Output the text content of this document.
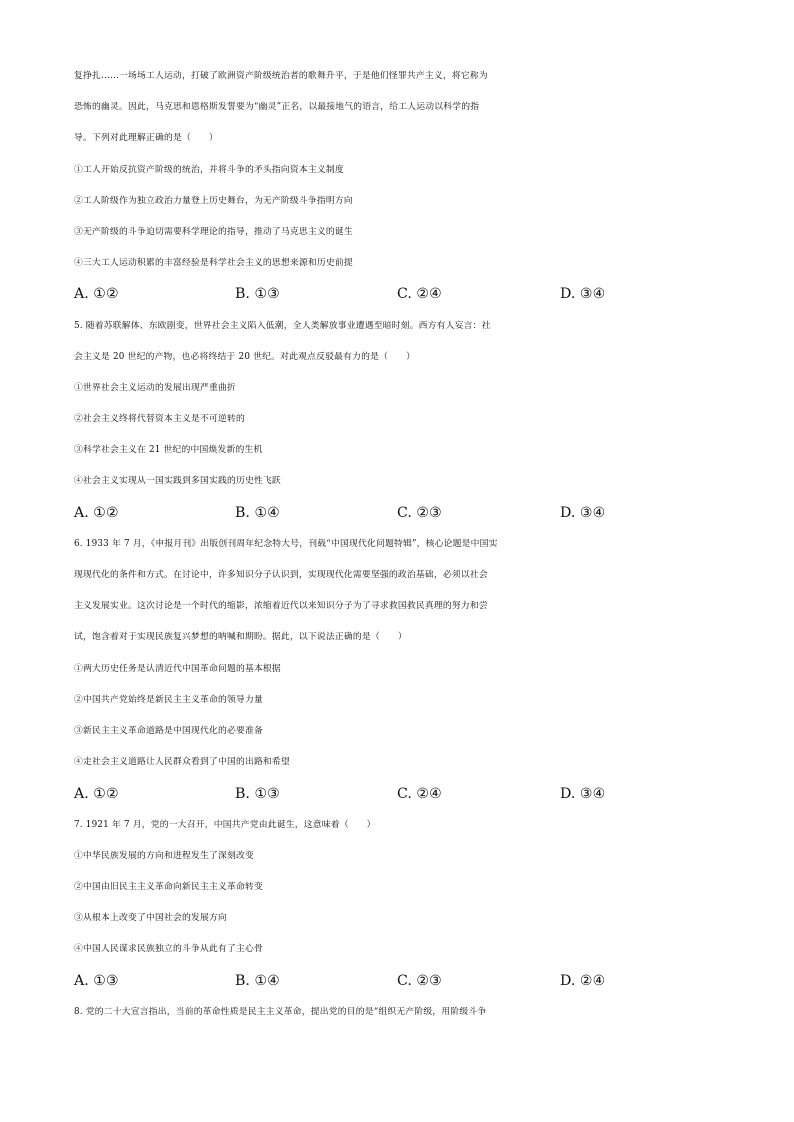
复挣扎……一场场工人运动，打破了欧洲资产阶级统治者的歌舞升平，于是他们怪罪共产主义，将它称为
恐怖的幽灵。因此，马克思和恩格斯发誓要为“幽灵”正名，以最接地气的语言，给工人运动以科学的指
导。下列对此理解正确的是（　　）
①工人开始反抗资产阶级的统治，并将斗争的矛头指向资本主义制度
②工人阶级作为独立政治力量登上历史舞台，为无产阶级斗争指明方向
③无产阶级的斗争迫切需要科学理论的指导，推动了马克思主义的诞生
④三大工人运动积累的丰富经验是科学社会主义的思想来源和历史前提
A. ①②	B. ①③	C. ②④	D. ③④
5. 随着苏联解体、东欧剧变，世界社会主义陷入低潮，全人类解放事业遭遇至暗时刻。西方有人妄言：社
会主义是 20 世纪的产物，也必将终结于 20 世纪。对此观点反驳最有力的是（　　）
①世界社会主义运动的发展出现严重曲折
②社会主义终将代替资本主义是不可逆转的
③科学社会主义在 21 世纪的中国焕发新的生机
④社会主义实现从一国实践到多国实践的历史性飞跃
A. ①②	B. ①④	C. ②③	D. ③④
6. 1933 年 7 月，《申报月刊》出版创刊周年纪念特大号，刊载“中国现代化问题特辑”，核心论题是中国实
现现代化的条件和方式。在讨论中，许多知识分子认识到，实现现代化需要坚强的政治基础，必须以社会
主义发展实业。这次讨论是一个时代的缩影，浓缩着近代以来知识分子为了寻求救国救民真理的努力和尝
试，饱含着对于实现民族复兴梦想的呐喊和期盼。据此，以下说法正确的是（　　）
①两大历史任务是认清近代中国革命问题的基本根据
②中国共产党始终是新民主主义革命的领导力量
③新民主主义革命道路是中国现代化的必要准备
④走社会主义道路让人民群众看到了中国的出路和希望
A. ①②	B. ①③	C. ②④	D. ③④
7. 1921 年 7 月，党的一大召开，中国共产党由此诞生，这意味着（　　）
①中华民族发展的方向和进程发生了深刻改变
②中国由旧民主主义革命向新民主主义革命转变
③从根本上改变了中国社会的发展方向
④中国人民谋求民族独立的斗争从此有了主心骨
A. ①③	B. ①④	C. ②③	D. ②④
8. 党的二十大宣言指出，当前的革命性质是民主主义革命，提出党的目的是“组织无产阶级，用阶级斗争
